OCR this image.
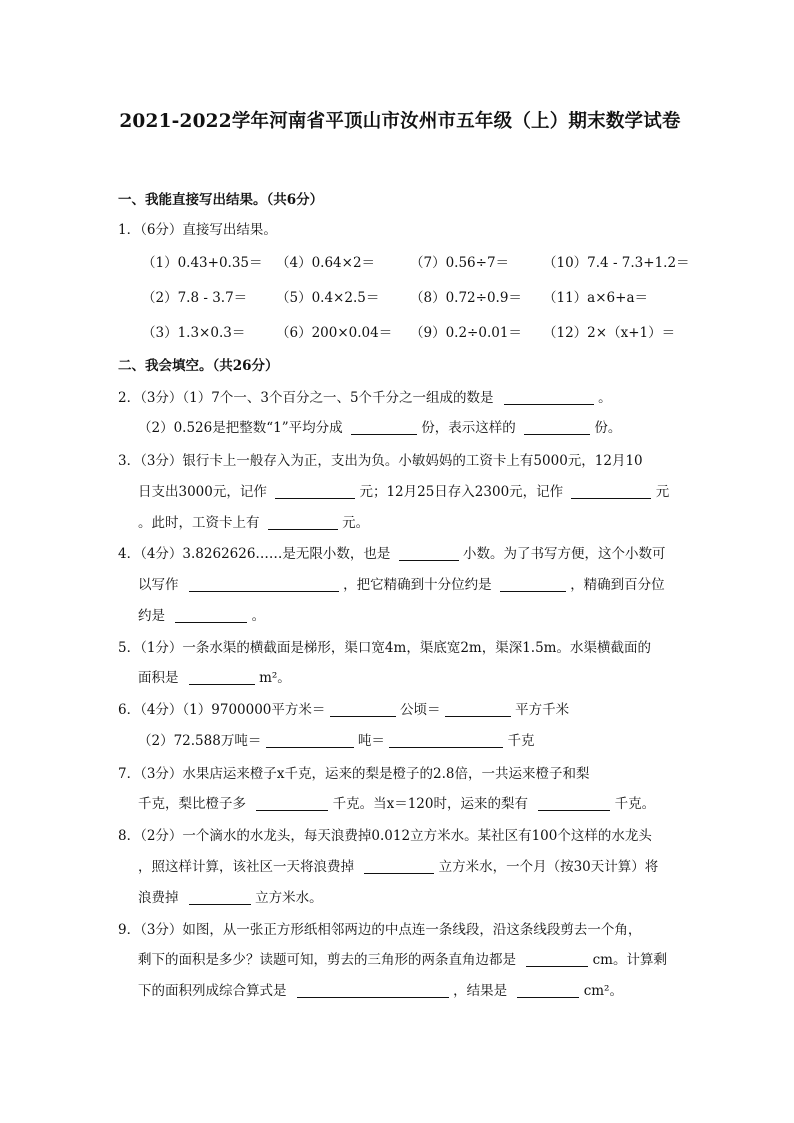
2021-2022学年河南省平顶山市汝州市五年级（上）期末数学试卷
一、我能直接写出结果。（共6分）
1．（6分）直接写出结果。
（1）0.43+0.35＝ （4）0.64×2＝	（7）0.56÷7＝	（10）7.4 - 7.3+1.2＝
（2）7.8 - 3.7＝ （5）0.4×2.5＝ （8）0.72÷0.9＝ （11）a×6+a＝
（3）1.3×0.3＝ （6）200×0.04＝ （9）0.2÷0.01＝ （12）2×（x+1）＝
二、我会填空。（共26分）
2．（3分）（1）7个一、3个百分之一、5个千分之一组成的数是	。
（2）0.526是把整数“1”平均分成	份，表示这样的	份。
3．（3分）银行卡上一般存入为正，支出为负。小敏妈妈的工资卡上有5000元，12月10
日支出3000元，记作	元；12月25日存入2300元，记作	元
。此时，工资卡上有	元。
4．（4分）3.8262626……是无限小数，也是	小数。为了书写方便，这个小数可
以写作	，把它精确到十分位约是	，精确到百分位
约是	。
5．（1分）一条水渠的横截面是梯形，渠口宽4m，渠底宽2m，渠深1.5m。水渠横截面的
面积是	m²。
6．（4分）（1）9700000平方米＝	公顷＝	平方千米
（2）72.588万吨＝	吨＝	千克
7．（3分）水果店运来橙子x千克，运来的梨是橙子的2.8倍，一共运来橙子和梨
千克，梨比橙子多	千克。当x＝120时，运来的梨有	千克。
8．（2分）一个滴水的水龙头，每天浪费掉0.012立方米水。某社区有100个这样的水龙头
，照这样计算，该社区一天将浪费掉	立方米水，一个月（按30天计算）将
浪费掉	立方米水。
9．（3分）如图，从一张正方形纸相邻两边的中点连一条线段，沿这条线段剪去一个角，
剩下的面积是多少？读题可知，剪去的三角形的两条直角边都是	cm。计算剩
下的面积列成综合算式是	，结果是	cm²。
